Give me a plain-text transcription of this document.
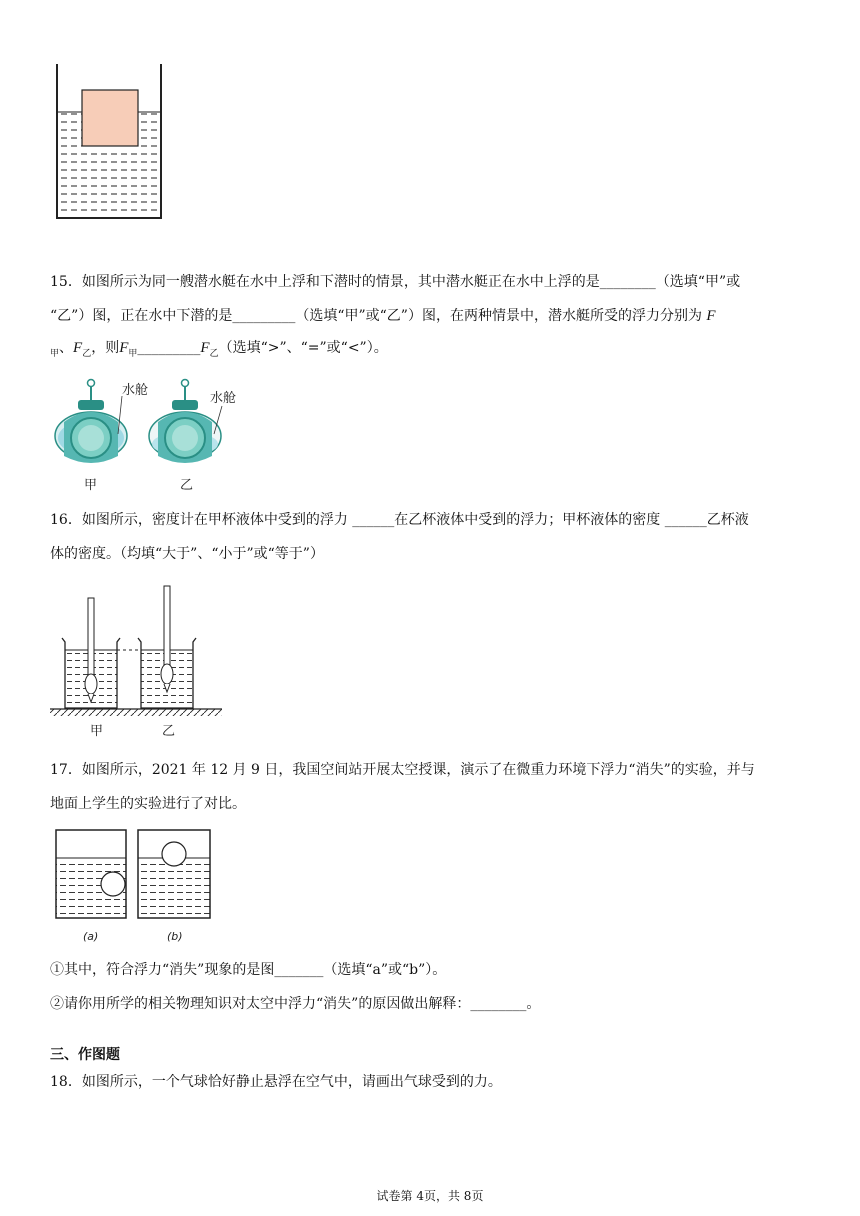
15．如图所示为同一艘潜水艇在水中上浮和下潜时的情景，其中潜水艇正在水中上浮的是________（选填“甲”或
“乙”）图，正在水中下潜的是_________（选填“甲”或“乙”）图，在两种情景中，潜水艇所受的浮力分别为 F
$_甲$、$F_乙$，则$F_甲\_\_\_\_\_\_\_\_\_F_乙$（选填“>”、“=”或“<”）。
水舱
水舱
甲	乙
16．如图所示，密度计在甲杯液体中受到的浮力 ______在乙杯液体中受到的浮力；甲杯液体的密度 ______乙杯液
体的密度。（均填“大于”、“小于”或“等于”）
甲	乙
17．如图所示，2021 年 12 月 9 日，我国空间站开展太空授课，演示了在微重力环境下浮力“消失”的实验，并与
地面上学生的实验进行了对比。
(a)	(b)
①其中，符合浮力“消失”现象的是图_______（选填“a”或“b”）。
②请你用所学的相关物理知识对太空中浮力“消失”的原因做出解释：________。
三、作图题
18．如图所示，一个气球恰好静止悬浮在空气中，请画出气球受到的力。
试卷第 4页，共 8页
